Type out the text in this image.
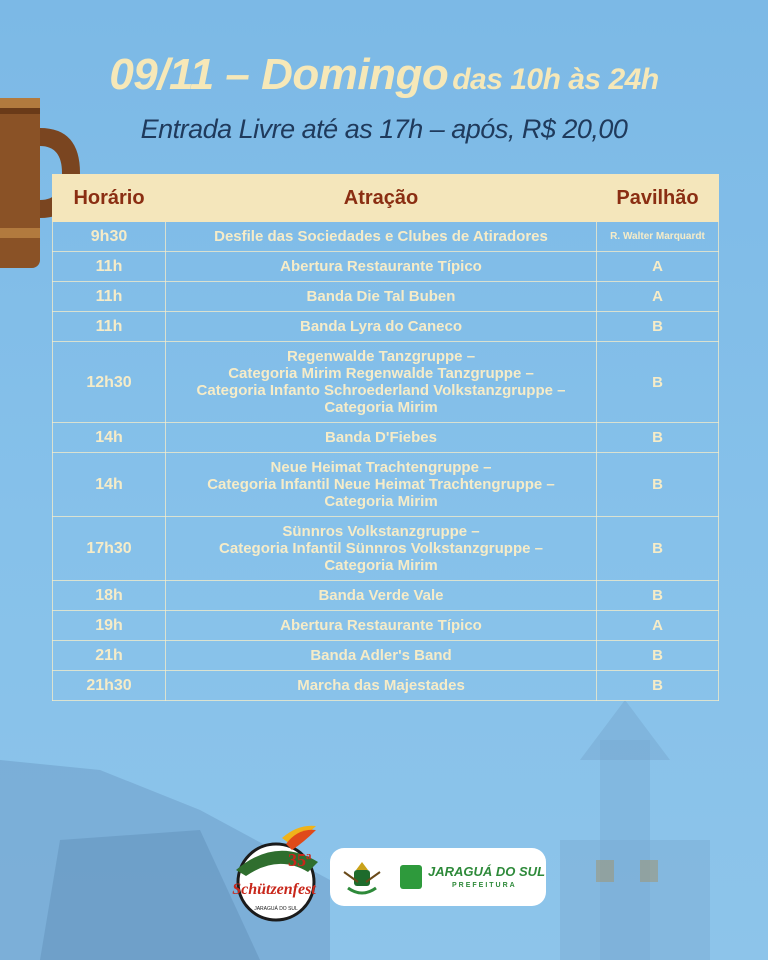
09/11 – Domingo das 10h às 24h
Entrada Livre até as 17h – após, R$ 20,00
Horário	Atração	Pavilhão
9h30	Desfile das Sociedades e Clubes de Atiradores	R. Walter Marquardt
11h	Abertura Restaurante Típico	A
11h	Banda Die Tal Buben	A
11h	Banda Lyra do Caneco	B
12h30	Regenwalde Tanzgruppe –
Categoria Mirim Regenwalde Tanzgruppe –
Categoria Infanto Schroederland Volkstanzgruppe –
Categoria Mirim	B
14h	Banda D'Fiebes	B
14h	Neue Heimat Trachtengruppe –
Categoria Infantil Neue Heimat Trachtengruppe –
Categoria Mirim	B
17h30	Sünnros Volkstanzgruppe –
Categoria Infantil Sünnros Volkstanzgruppe –
Categoria Mirim	B
18h	Banda Verde Vale	B
19h	Abertura Restaurante Típico	A
21h	Banda Adler's Band	B
21h30	Marcha das Majestades	B
35ª
Schützenfest
JARAGUÁ DO SUL
JARAGUÁ DO SUL
PREFEITURA
